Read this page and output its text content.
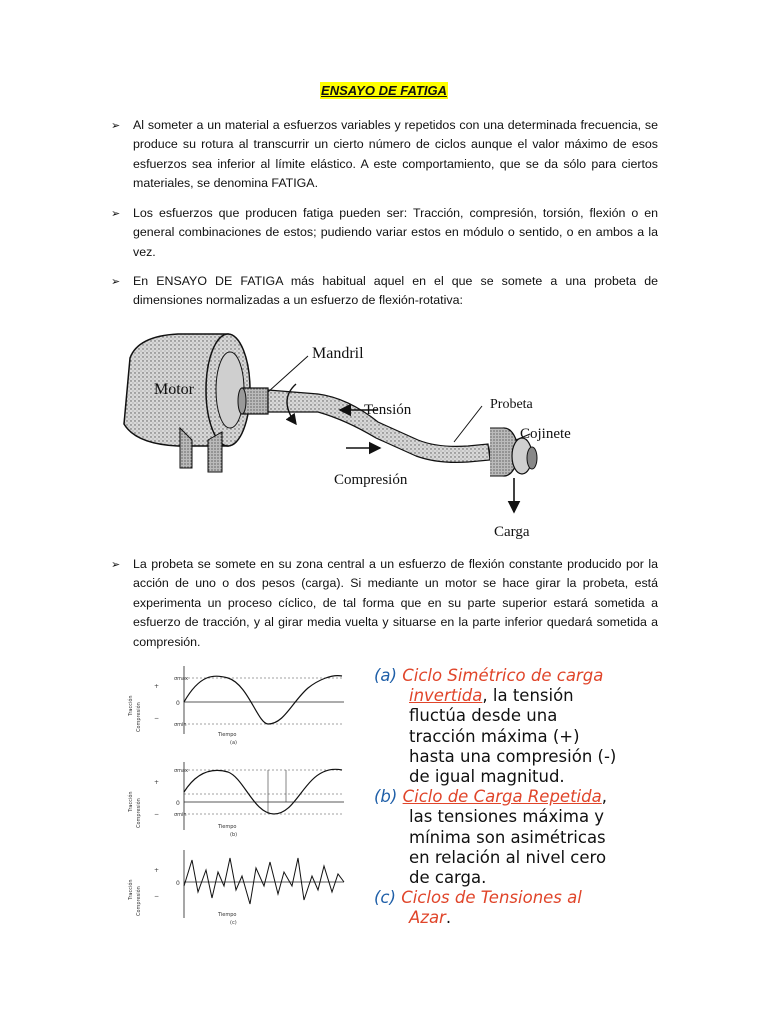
ENSAYO DE FATIGA
➢ Al someter a un material a esfuerzos variables y repetidos con una determinada frecuencia, se produce su rotura al transcurrir un cierto número de ciclos aunque el valor máximo de esos esfuerzos sea inferior al límite elástico. A este comportamiento, que se da sólo para ciertos materiales, se denomina FATIGA.

➢ Los esfuerzos que producen fatiga pueden ser: Tracción, compresión, torsión, flexión o en general combinaciones de estos; pudiendo variar estos en módulo o sentido, o en ambos a la vez.

➢ En ENSAYO DE FATIGA más habitual aquel en el que se somete a una probeta de dimensiones normalizadas a un esfuerzo de flexión-rotativa:

Motor
Mandril
Tensión	Probeta
Cojinete
Compresión
Carga
➢ La probeta se somete en su zona central a un esfuerzo de flexión constante producido por la acción de uno o dos pesos (carga). Si mediante un motor se hace girar la probeta, está experimenta un proceso cíclico, de tal forma que en su parte superior estará sometida a esfuerzo de tracción, y al girar media vuelta y situarse en la parte inferior quedará sometida a compresión.

σmax
0
σmin
Tiempo
(a)
Tracción Compresión
+
−
σmax
0
σmin
Tiempo
(b)
Tracción Compresión
+
−
0
Tiempo
(c)
Tracción Compresión
+
−

(a) Ciclo Simétrico de carga

invertida, la tensión

fluctúa desde una

tracción máxima (+)

hasta una compresión (-)

de igual magnitud.

(b) Ciclo de Carga Repetida,

las tensiones máxima y

mínima son asimétricas

en relación al nivel cero

de carga.

(c) Ciclos de Tensiones al

Azar.
